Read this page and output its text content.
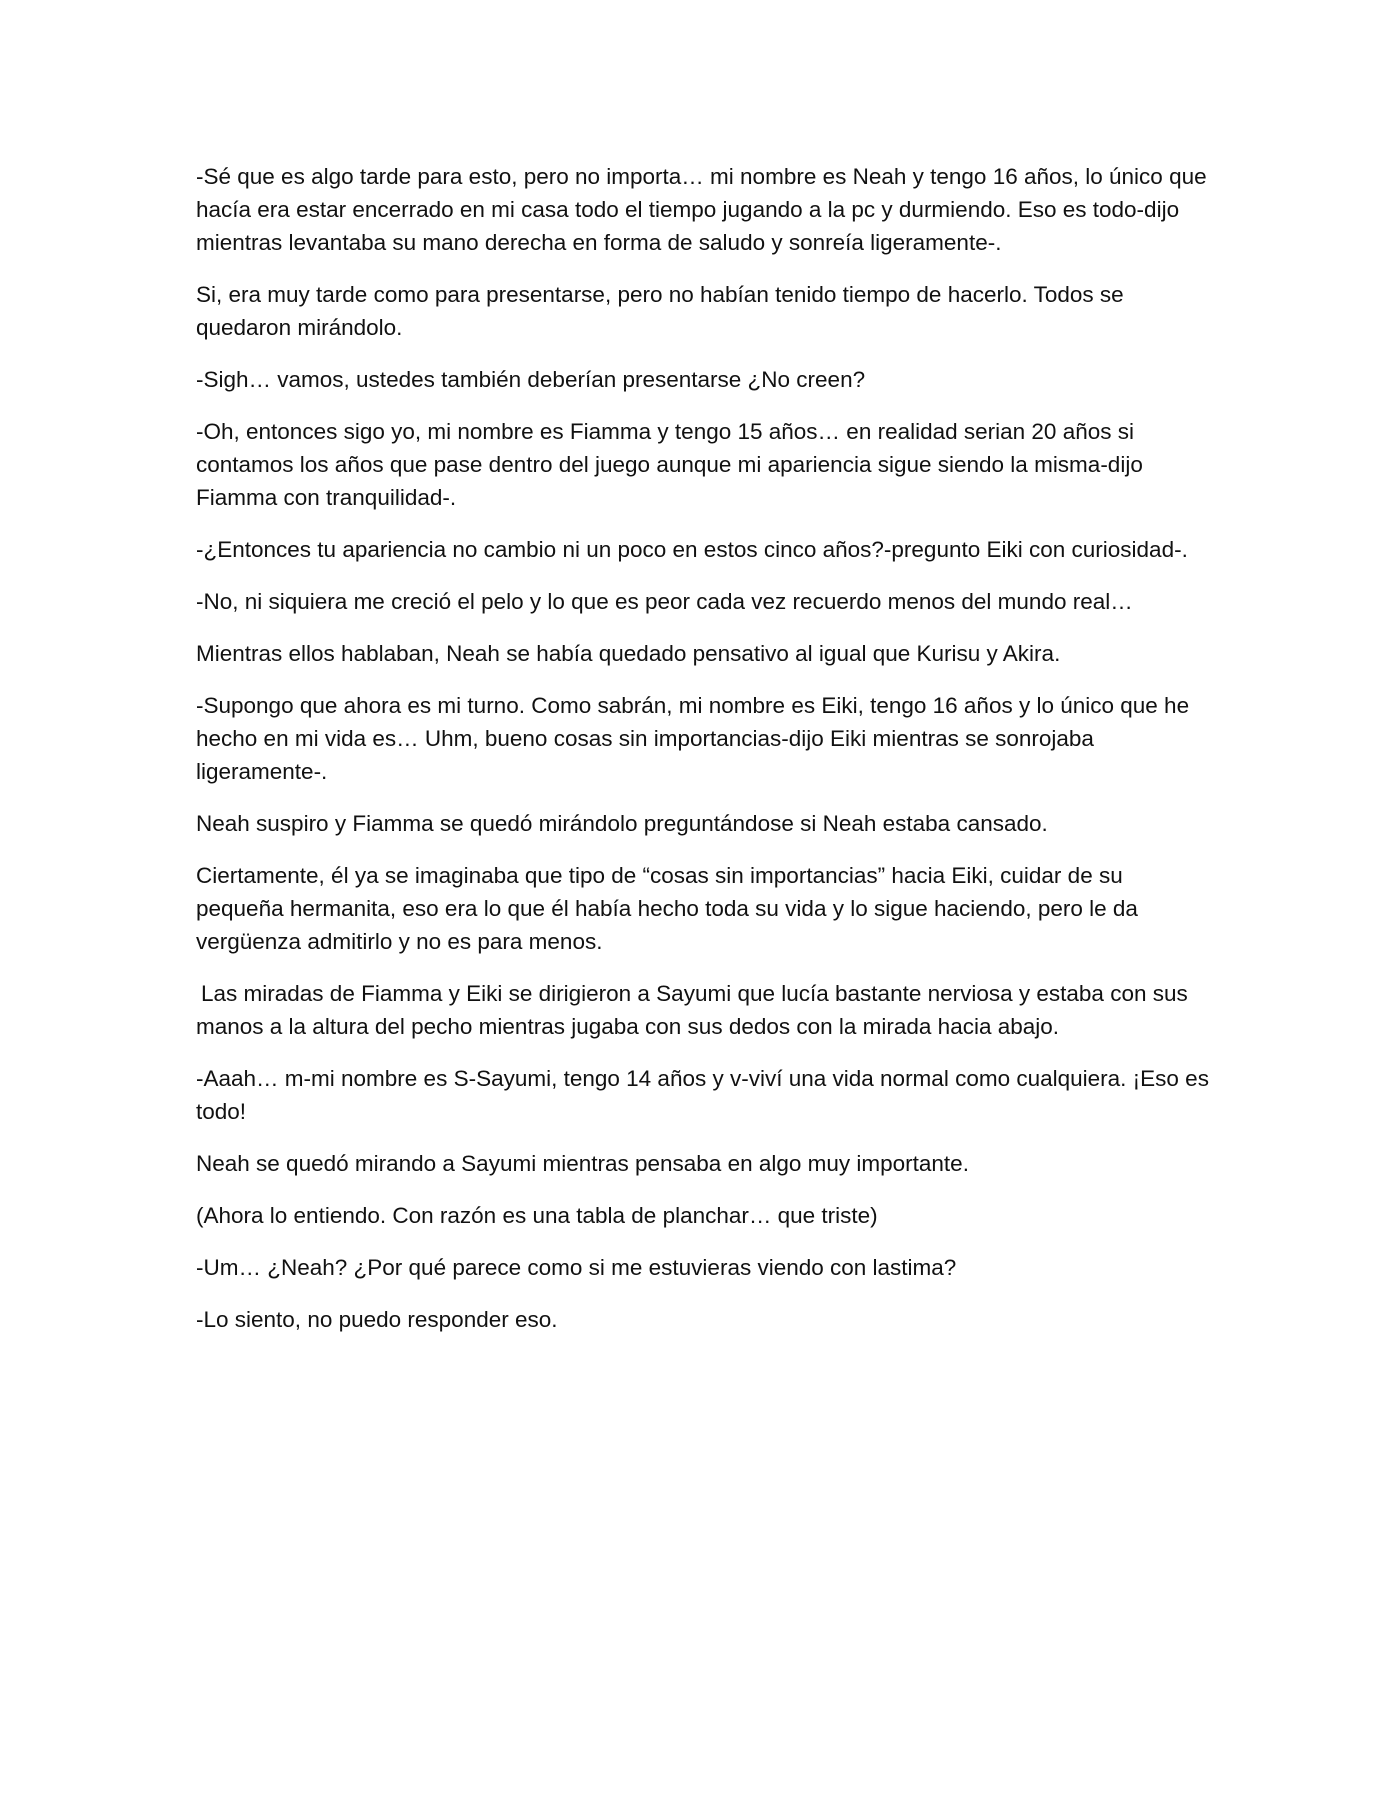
-Sé que es algo tarde para esto, pero no importa… mi nombre es Neah y tengo 16 años, lo único que hacía era estar encerrado en mi casa todo el tiempo jugando a la pc y durmiendo. Eso es todo-dijo mientras levantaba su mano derecha en forma de saludo y sonreía ligeramente-.

Si, era muy tarde como para presentarse, pero no habían tenido tiempo de hacerlo. Todos se quedaron mirándolo.

-Sigh… vamos, ustedes también deberían presentarse ¿No creen?

-Oh, entonces sigo yo, mi nombre es Fiamma y tengo 15 años… en realidad serian 20 años si contamos los años que pase dentro del juego aunque mi apariencia sigue siendo la misma-dijo Fiamma con tranquilidad-.

-¿Entonces tu apariencia no cambio ni un poco en estos cinco años?-pregunto Eiki con curiosidad-.

-No, ni siquiera me creció el pelo y lo que es peor cada vez recuerdo menos del mundo real…

Mientras ellos hablaban, Neah se había quedado pensativo al igual que Kurisu y Akira.

-Supongo que ahora es mi turno. Como sabrán, mi nombre es Eiki, tengo 16 años y lo único que he hecho en mi vida es… Uhm, bueno cosas sin importancias-dijo Eiki mientras se sonrojaba ligeramente-.

Neah suspiro y Fiamma se quedó mirándolo preguntándose si Neah estaba cansado.

Ciertamente, él ya se imaginaba que tipo de “cosas sin importancias” hacia Eiki, cuidar de su pequeña hermanita, eso era lo que él había hecho toda su vida y lo sigue haciendo, pero le da vergüenza admitirlo y no es para menos.

Las miradas de Fiamma y Eiki se dirigieron a Sayumi que lucía bastante nerviosa y estaba con sus manos a la altura del pecho mientras jugaba con sus dedos con la mirada hacia abajo.

-Aaah… m-mi nombre es S-Sayumi, tengo 14 años y v-viví una vida normal como cualquiera. ¡Eso es todo!

Neah se quedó mirando a Sayumi mientras pensaba en algo muy importante.

(Ahora lo entiendo. Con razón es una tabla de planchar… que triste)

-Um… ¿Neah? ¿Por qué parece como si me estuvieras viendo con lastima?

-Lo siento, no puedo responder eso.
